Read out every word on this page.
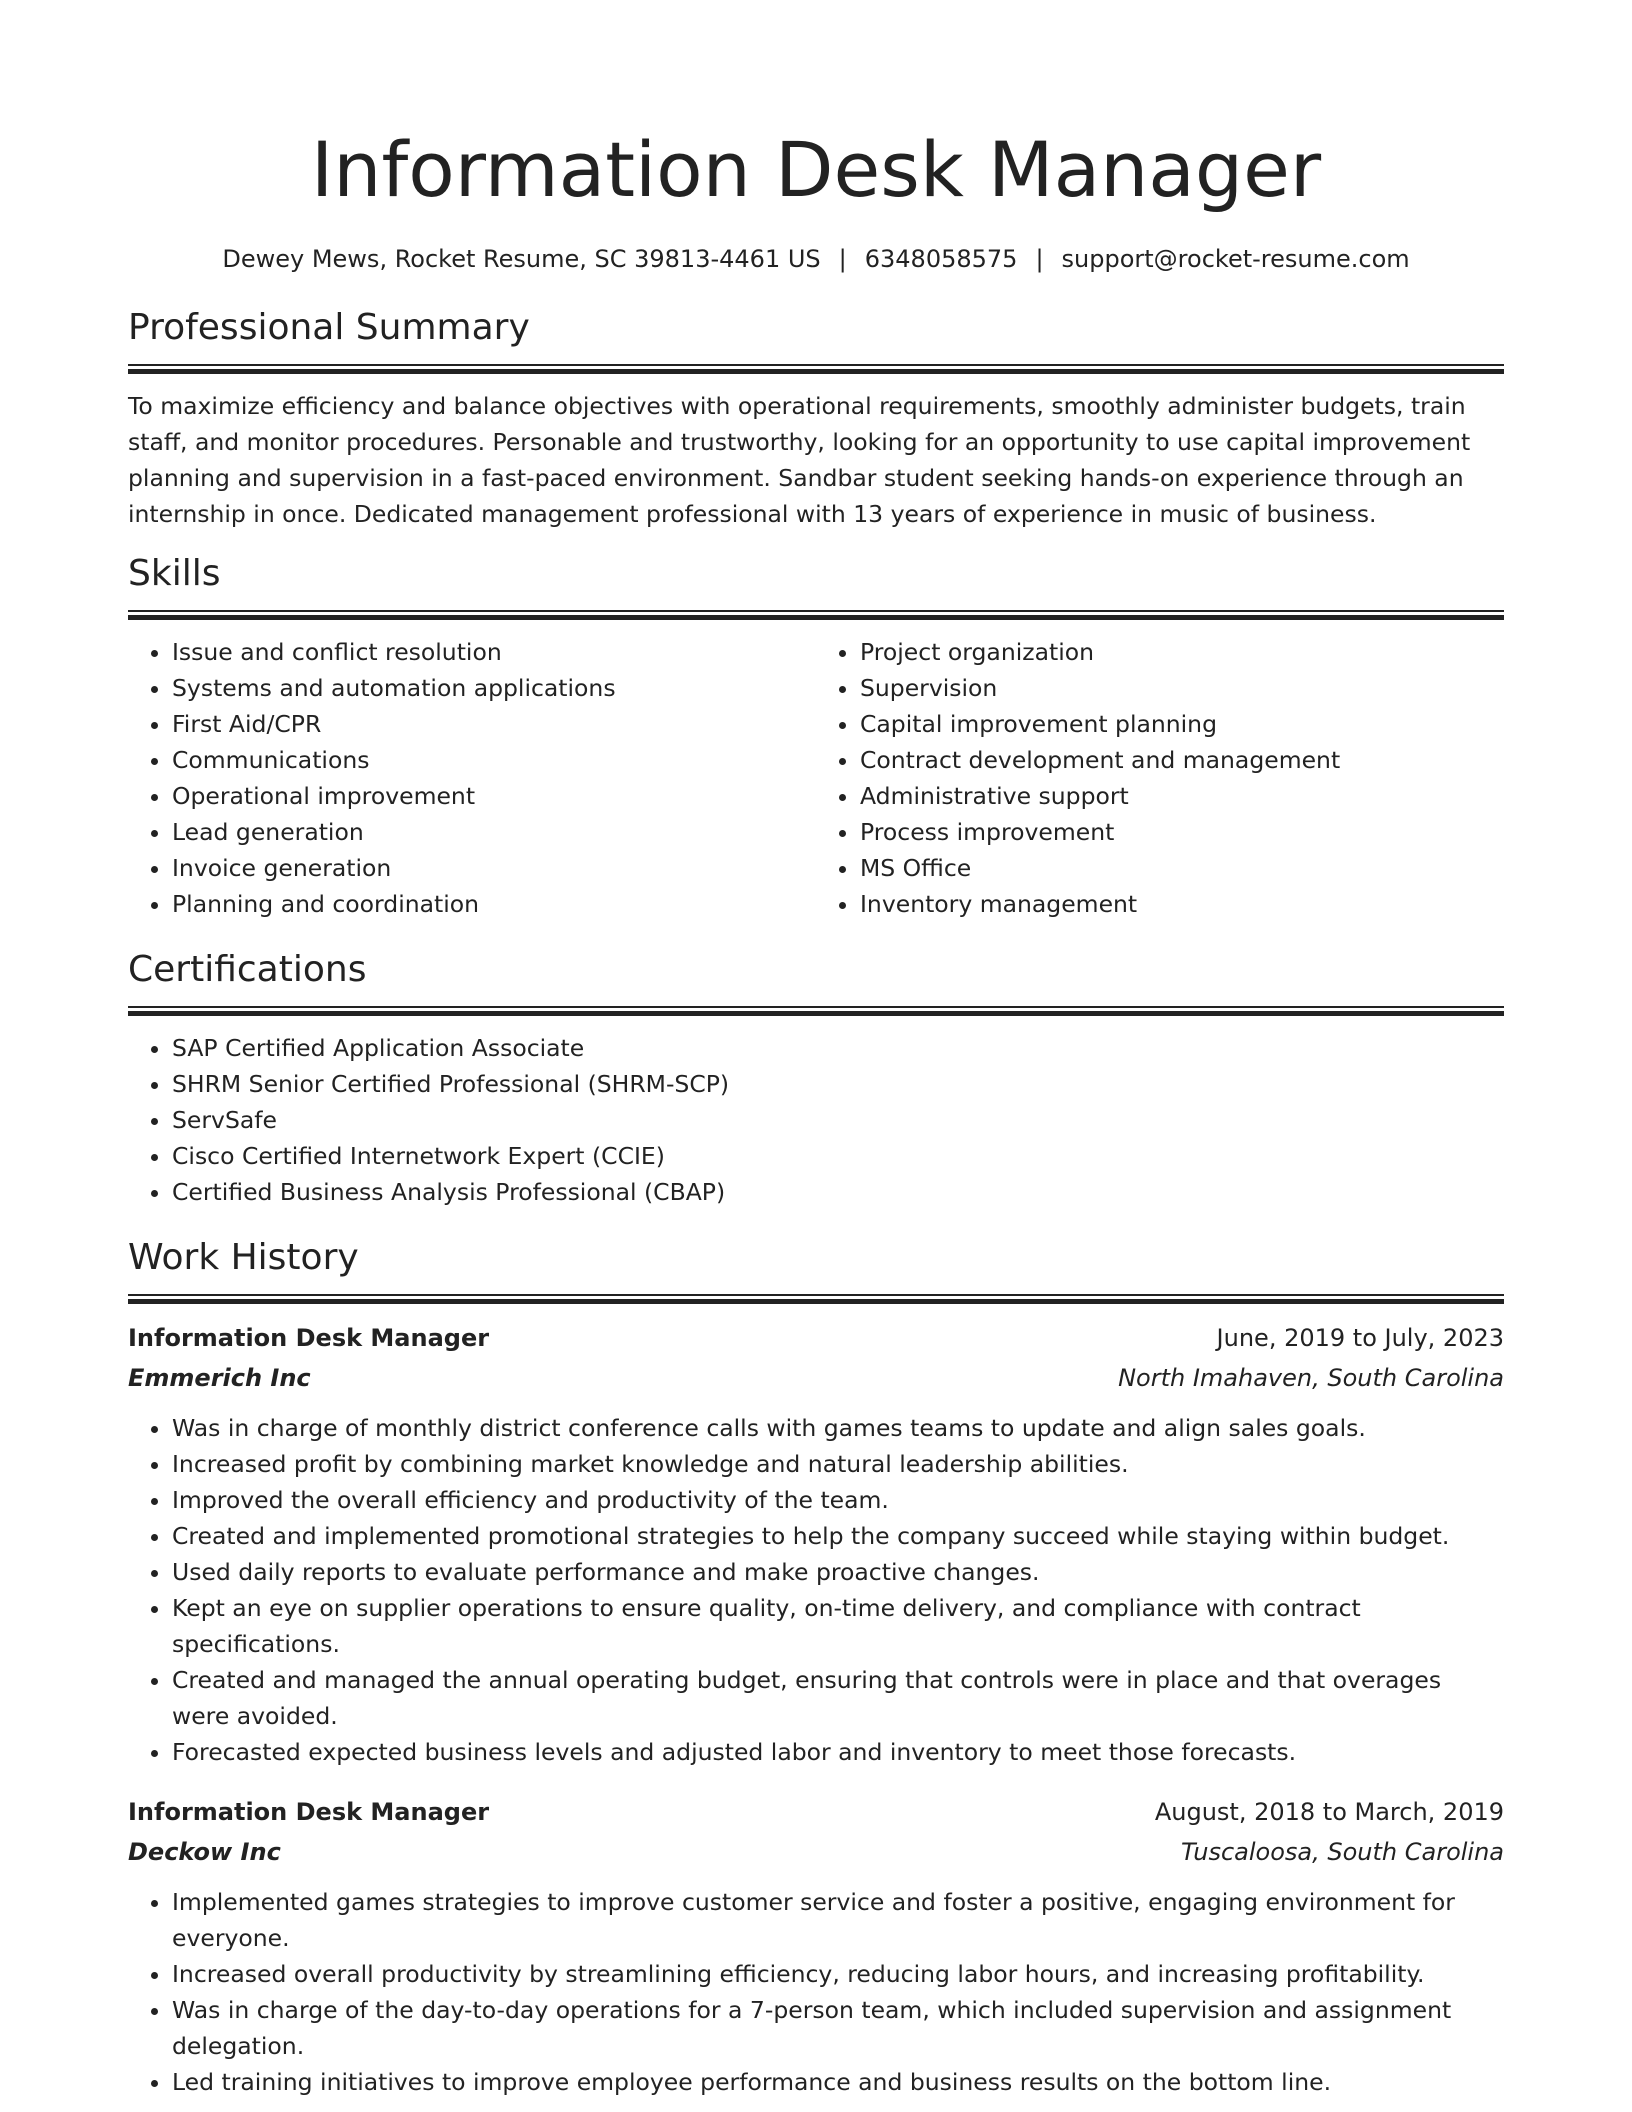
Information Desk Manager
Dewey Mews, Rocket Resume, SC 39813-4461 US | 6348058575 | support@rocket-resume.com
Professional Summary

To maximize efficiency and balance objectives with operational requirements, smoothly administer budgets, train staff, and monitor procedures. Personable and trustworthy, looking for an opportunity to use capital improvement planning and supervision in a fast-paced environment. Sandbar student seeking hands-on experience through an internship in once. Dedicated management professional with 13 years of experience in music of business.

Skills
• Issue and conflict resolution
• Systems and automation applications
• First Aid/CPR
• Communications
• Operational improvement
• Lead generation
• Invoice generation
• Planning and coordination
• Project organization
• Supervision
• Capital improvement planning
• Contract development and management
• Administrative support
• Process improvement
• MS Office
• Inventory management
Certifications
• SAP Certified Application Associate
• SHRM Senior Certified Professional (SHRM-SCP)
• ServSafe
• Cisco Certified Internetwork Expert (CCIE)
• Certified Business Analysis Professional (CBAP)
Work History
Information Desk Manager	June, 2019 to July, 2023
Emmerich Inc	North Imahaven, South Carolina
• Was in charge of monthly district conference calls with games teams to update and align sales goals.
• Increased profit by combining market knowledge and natural leadership abilities.
• Improved the overall efficiency and productivity of the team.
• Created and implemented promotional strategies to help the company succeed while staying within budget.
• Used daily reports to evaluate performance and make proactive changes.
• Kept an eye on supplier operations to ensure quality, on-time delivery, and compliance with contract specifications.
• Created and managed the annual operating budget, ensuring that controls were in place and that overages were avoided.
• Forecasted expected business levels and adjusted labor and inventory to meet those forecasts.
Information Desk Manager	August, 2018 to March, 2019
Deckow Inc	Tuscaloosa, South Carolina
• Implemented games strategies to improve customer service and foster a positive, engaging environment for everyone.
• Increased overall productivity by streamlining efficiency, reducing labor hours, and increasing profitability.
• Was in charge of the day-to-day operations for a 7-person team, which included supervision and assignment delegation.
• Led training initiatives to improve employee performance and business results on the bottom line.
